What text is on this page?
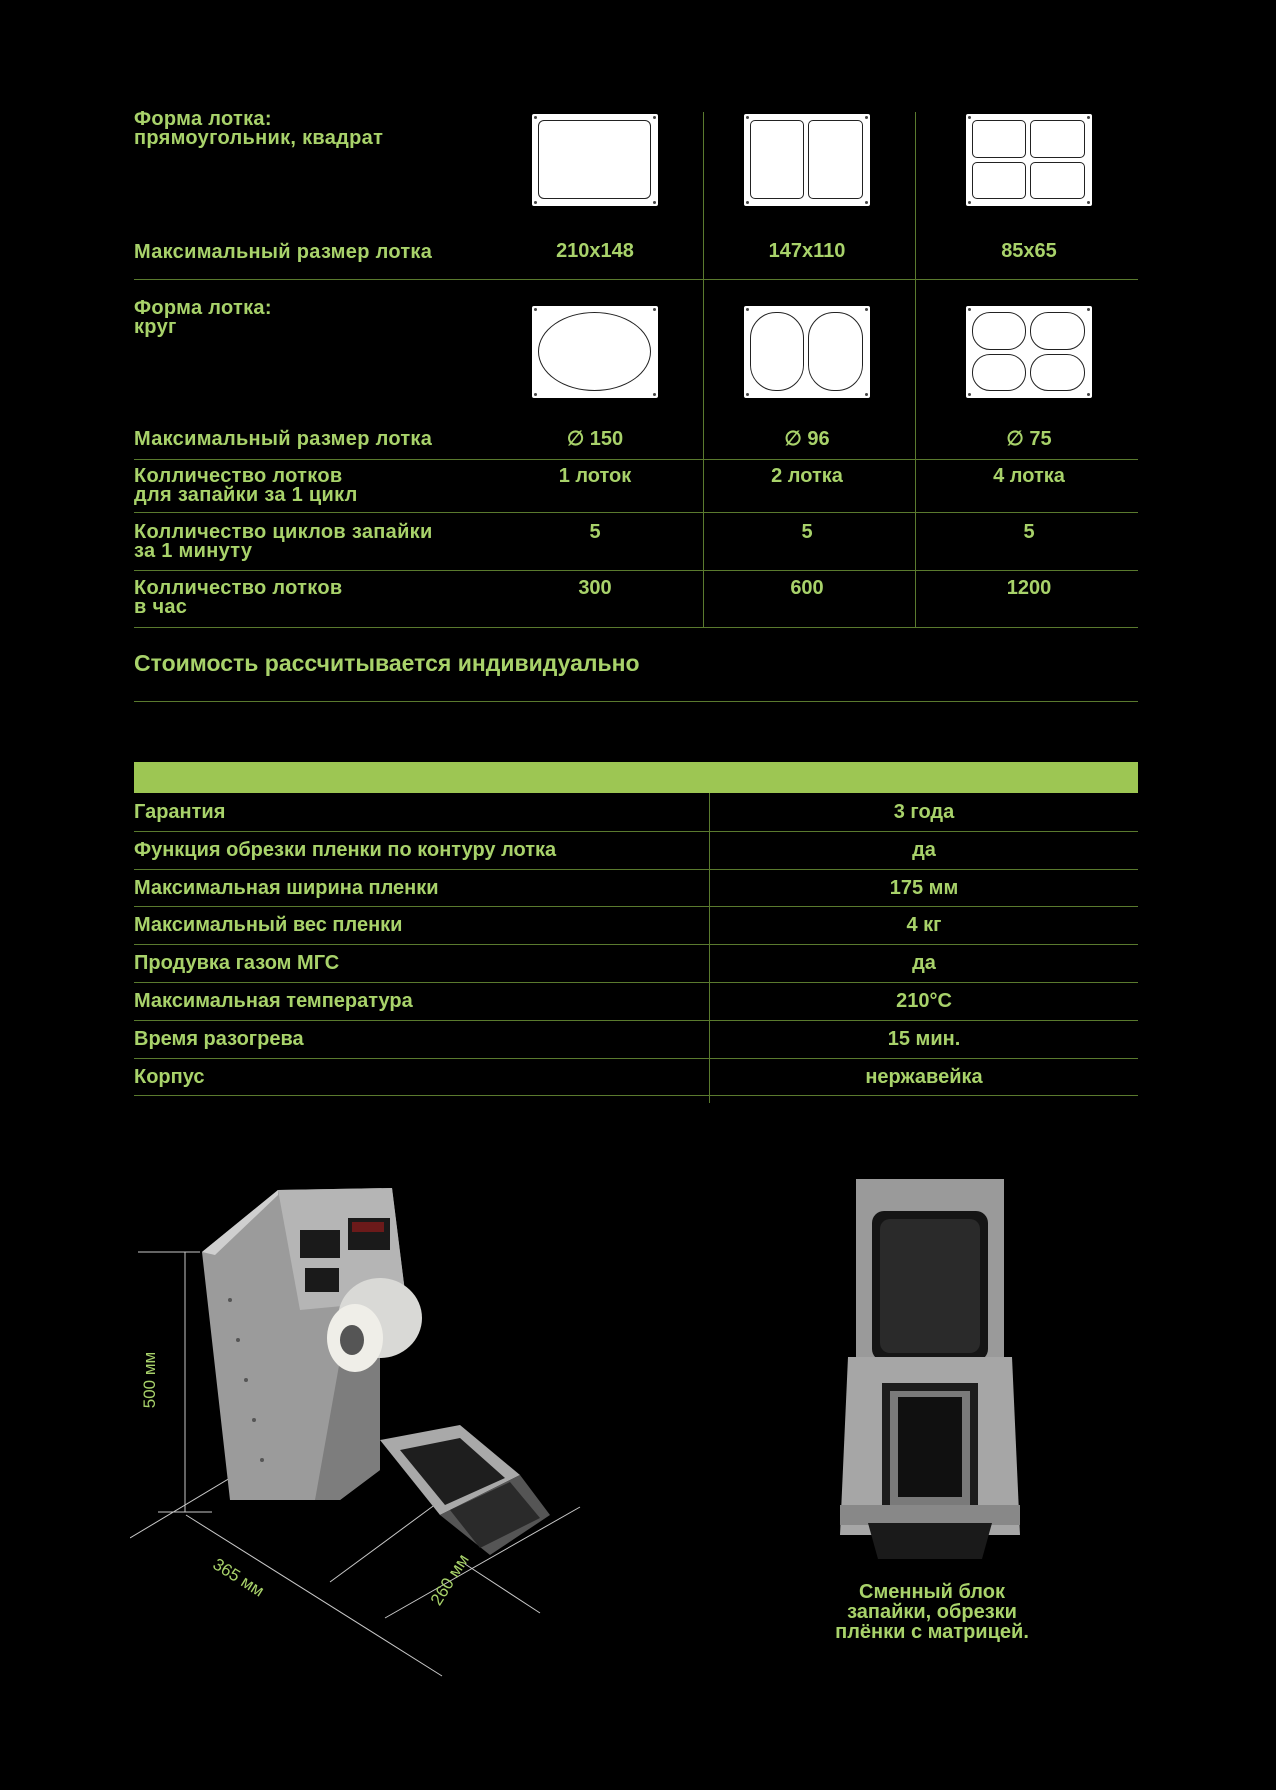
Форма лотка:
прямоугольник, квадрат
Максимальный размер лотка	210x148	147x110	85x65
Форма лотка:
круг
Максимальный размер лотка	∅ 150	∅ 96	∅ 75
Колличество лотков
для запайки за 1 цикл
1 лоток	2 лотка	4 лотка
Колличество циклов запайки
за 1 минуту
5	5	5
Колличество лотков
в час
300	600	1200
Стоимость рассчитывается индивидуально
Гарантия	3 года
Функция обрезки пленки по контуру лотка	да
Максимальная ширина пленки	175 мм
Максимальный вес пленки	4 кг
Продувка газом МГС	да
Максимальная температура	210°С
Время разогрева	15 мин.
Корпус	нержавейка
500 мм
365 мм	260 мм	Сменный блок
запайки, обрезки
плёнки с матрицей.
